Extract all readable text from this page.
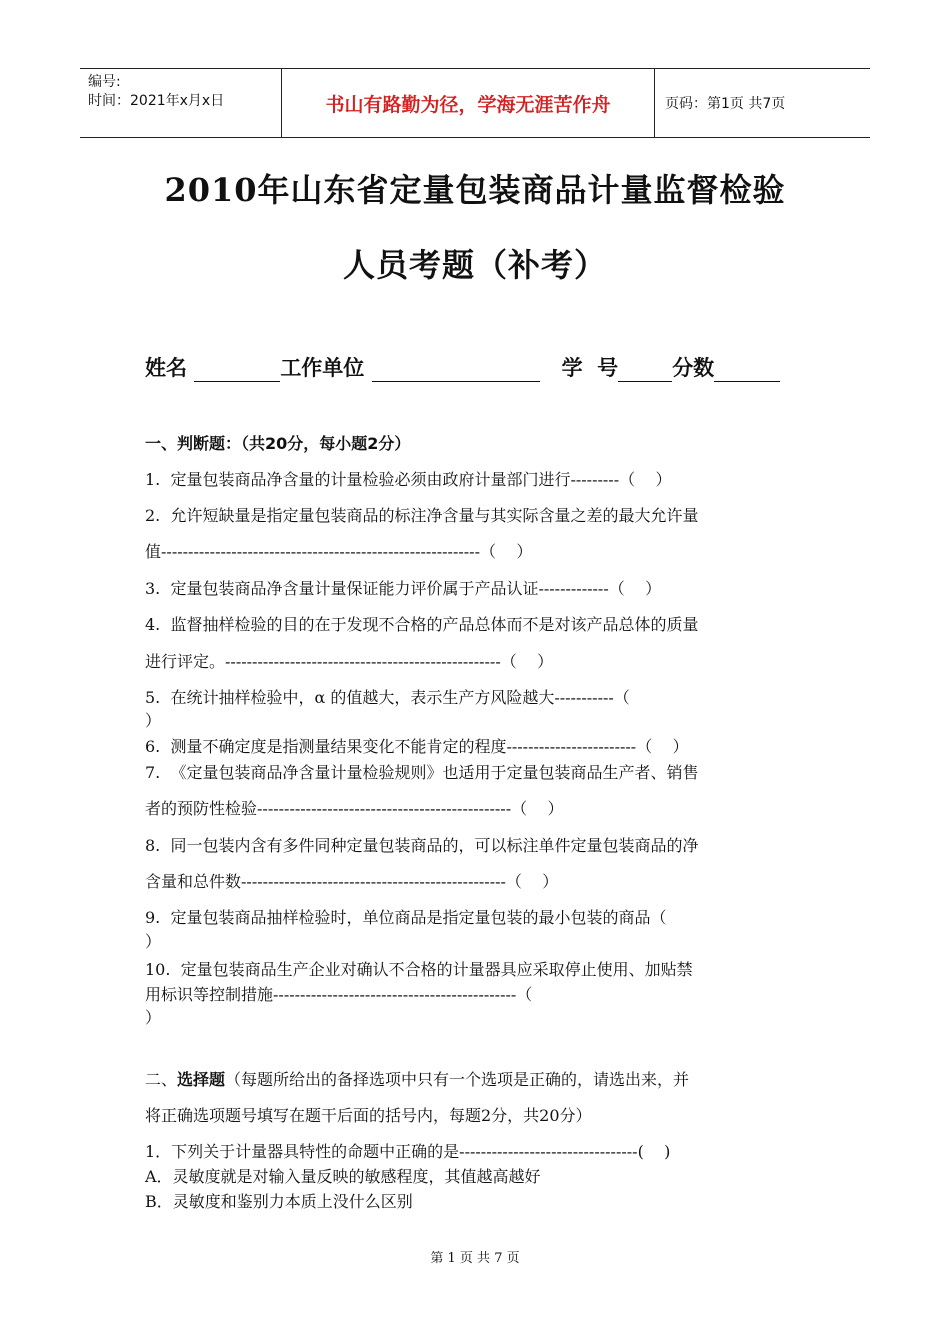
编号:
时间：2021年x月x日	书山有路勤为径，学海无涯苦作舟	页码：第1页 共7页
2010年山东省定量包装商品计量监督检验
人员考题（补考）
姓名	工作单位	学  号	分数
一、判断题：（共20分，每小题2分）
1.  定量包装商品净含量的计量检验必须由政府计量部门进行---------（    ）
2.  允许短缺量是指定量包装商品的标注净含量与其实际含量之差的最大允许量
值-----------------------------------------------------------（    ）
3.  定量包装商品净含量计量保证能力评价属于产品认证-------------（    ）
4.  监督抽样检验的目的在于发现不合格的产品总体而不是对该产品总体的质量
进行评定。---------------------------------------------------（    ）
5.  在统计抽样检验中，α 的值越大，表示生产方风险越大-----------（
）
6.  测量不确定度是指测量结果变化不能肯定的程度------------------------（    ）
7.  《定量包装商品净含量计量检验规则》也适用于定量包装商品生产者、销售
者的预防性检验-----------------------------------------------（    ）
8.  同一包装内含有多件同种定量包装商品的，可以标注单件定量包装商品的净
含量和总件数-------------------------------------------------（    ）
9.  定量包装商品抽样检验时，单位商品是指定量包装的最小包装的商品（
）
10.  定量包装商品生产企业对确认不合格的计量器具应采取停止使用、加贴禁
用标识等控制措施---------------------------------------------（
）
二、选择题（每题所给出的备择选项中只有一个选项是正确的，请选出来，并
将正确选项题号填写在题干后面的括号内，每题2分，共20分）
1．下列关于计量器具特性的命题中正确的是---------------------------------(    )
A．灵敏度就是对输入量反映的敏感程度，其值越高越好
B．灵敏度和鉴别力本质上没什么区别
第 1 页 共 7 页
